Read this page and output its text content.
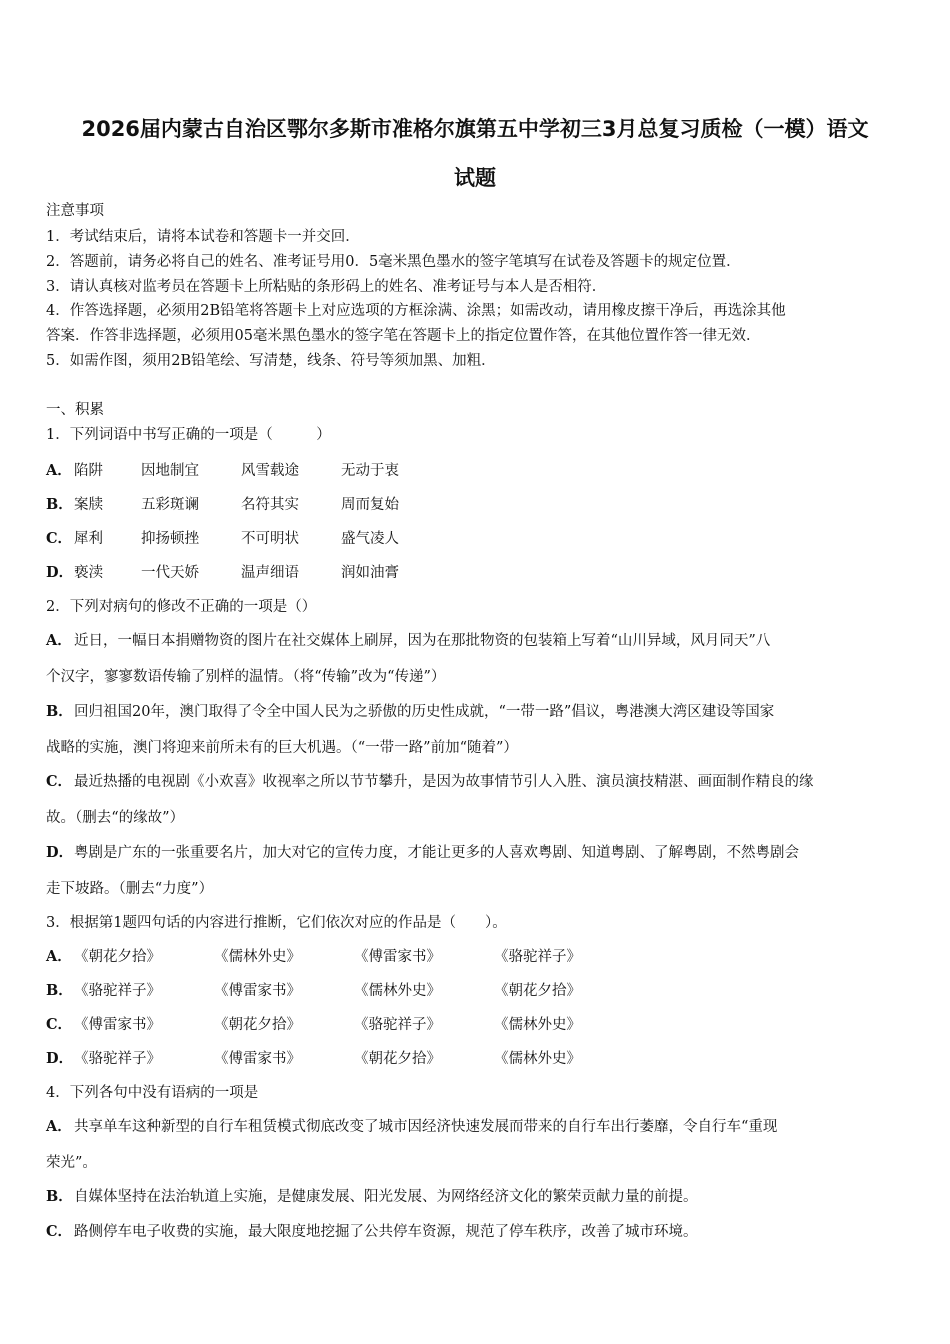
2026届内蒙古自治区鄂尔多斯市准格尔旗第五中学初三3月总复习质检（一模）语文
试题
注意事项
1．考试结束后，请将本试卷和答题卡一并交回．
2．答题前，请务必将自己的姓名、准考证号用0．5毫米黑色墨水的签字笔填写在试卷及答题卡的规定位置．
3．请认真核对监考员在答题卡上所粘贴的条形码上的姓名、准考证号与本人是否相符．
4．作答选择题，必须用2B铅笔将答题卡上对应选项的方框涂满、涂黑；如需改动，请用橡皮擦干净后，再选涂其他
答案．作答非选择题，必须用05毫米黑色墨水的签字笔在答题卡上的指定位置作答，在其他位置作答一律无效．
5．如需作图，须用2B铅笔绘、写清楚，线条、符号等须加黑、加粗．
一、积累
1．下列词语中书写正确的一项是（　　　）
A． 陷阱	因地制宜	风雪载途	无动于衷
B．案牍	五彩斑谰	名符其实	周而复始
C． 犀利	抑扬顿挫	不可明状	盛气凌人
D．亵渎	一代天娇	温声细语	润如油膏
2．下列对病句的修改不正确的一项是（）
A． 近日，一幅日本捐赠物资的图片在社交媒体上刷屏，因为在那批物资的包装箱上写着“山川异域，风月同天”八
个汉字，寥寥数语传输了别样的温情。（将“传输”改为“传递”）
B．回归祖国20年，澳门取得了令全中国人民为之骄傲的历史性成就，“一带一路”倡议，粤港澳大湾区建设等国家
战略的实施，澳门将迎来前所未有的巨大机遇。（“一带一路”前加“随着”）
C． 最近热播的电视剧《小欢喜》收视率之所以节节攀升，是因为故事情节引人入胜、演员演技精湛、画面制作精良的缘
故。（删去“的缘故”）
D．粤剧是广东的一张重要名片，加大对它的宣传力度，才能让更多的人喜欢粤剧、知道粤剧、了解粤剧，不然粤剧会
走下坡路。（删去“力度”）
3．根据第1题四句话的内容进行推断，它们依次对应的作品是（　　）。
A． 《朝花夕拾》	《儒林外史》	《傅雷家书》	《骆驼祥子》
B．《骆驼祥子》	《傅雷家书》	《儒林外史》	《朝花夕拾》
C． 《傅雷家书》	《朝花夕拾》	《骆驼祥子》	《儒林外史》
D．《骆驼祥子》	《傅雷家书》	《朝花夕拾》	《儒林外史》
4．下列各句中没有语病的一项是
A． 共享单车这种新型的自行车租赁模式彻底改变了城市因经济快速发展而带来的自行车出行萎靡，令自行车“重现
荣光”。
B．自媒体坚持在法治轨道上实施，是健康发展、阳光发展、为网络经济文化的繁荣贡献力量的前提。
C． 路侧停车电子收费的实施，最大限度地挖掘了公共停车资源，规范了停车秩序，改善了城市环境。
